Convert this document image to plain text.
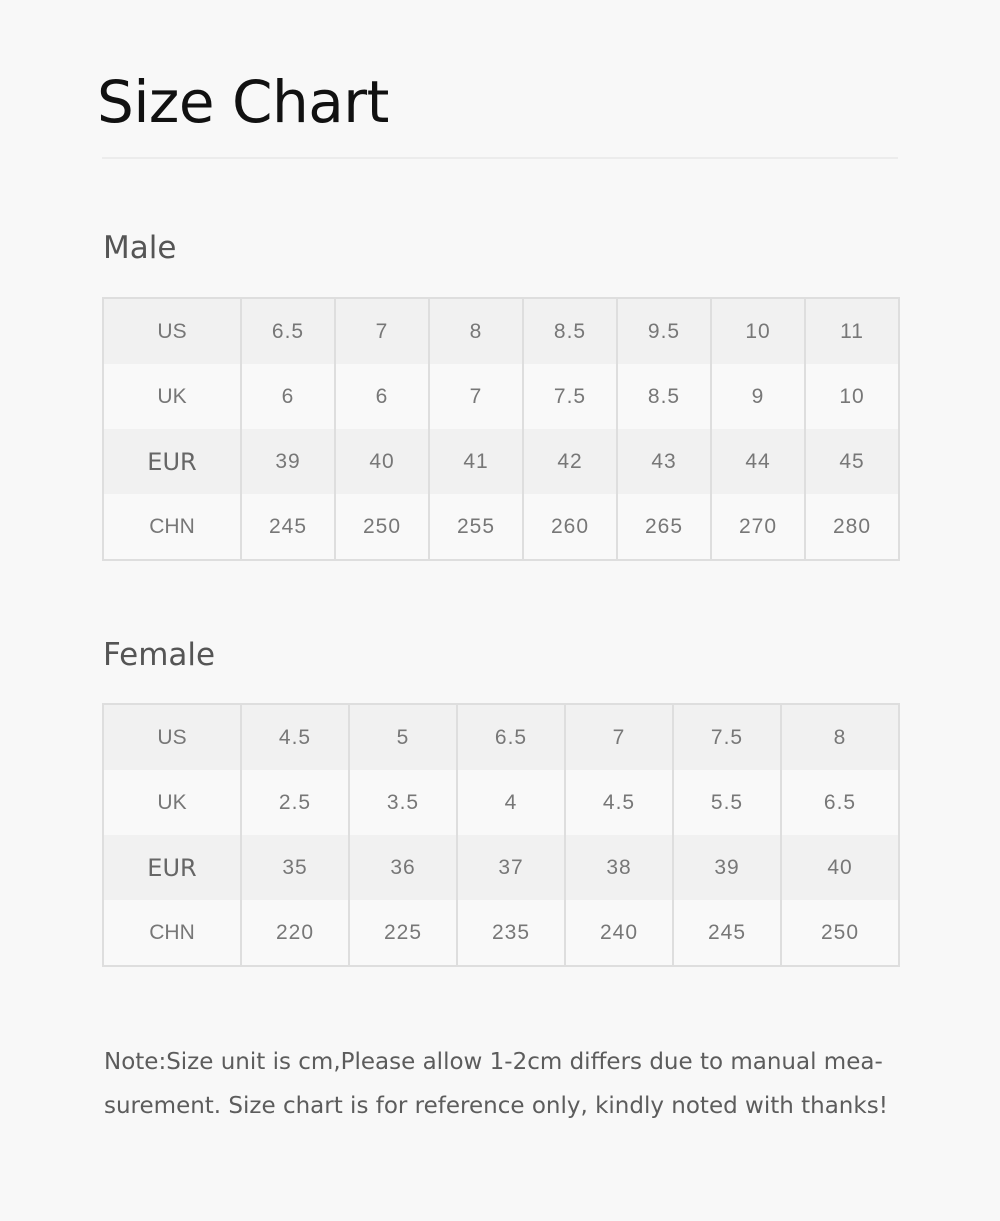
Size Chart
Male
US	6.5	7	8	8.5	9.5	10	11
UK	6	6	7	7.5	8.5	9	10
EUR	39	40	41	42	43	44	45
CHN	245	250	255	260	265	270	280
Female
US	4.5	5	6.5	7	7.5	8
UK	2.5	3.5	4	4.5	5.5	6.5
EUR	35	36	37	38	39	40
CHN	220	225	235	240	245	250

Note:Size unit is cm,Please allow 1-2cm differs due to manual mea-
surement. Size chart is for reference only, kindly noted with thanks!
